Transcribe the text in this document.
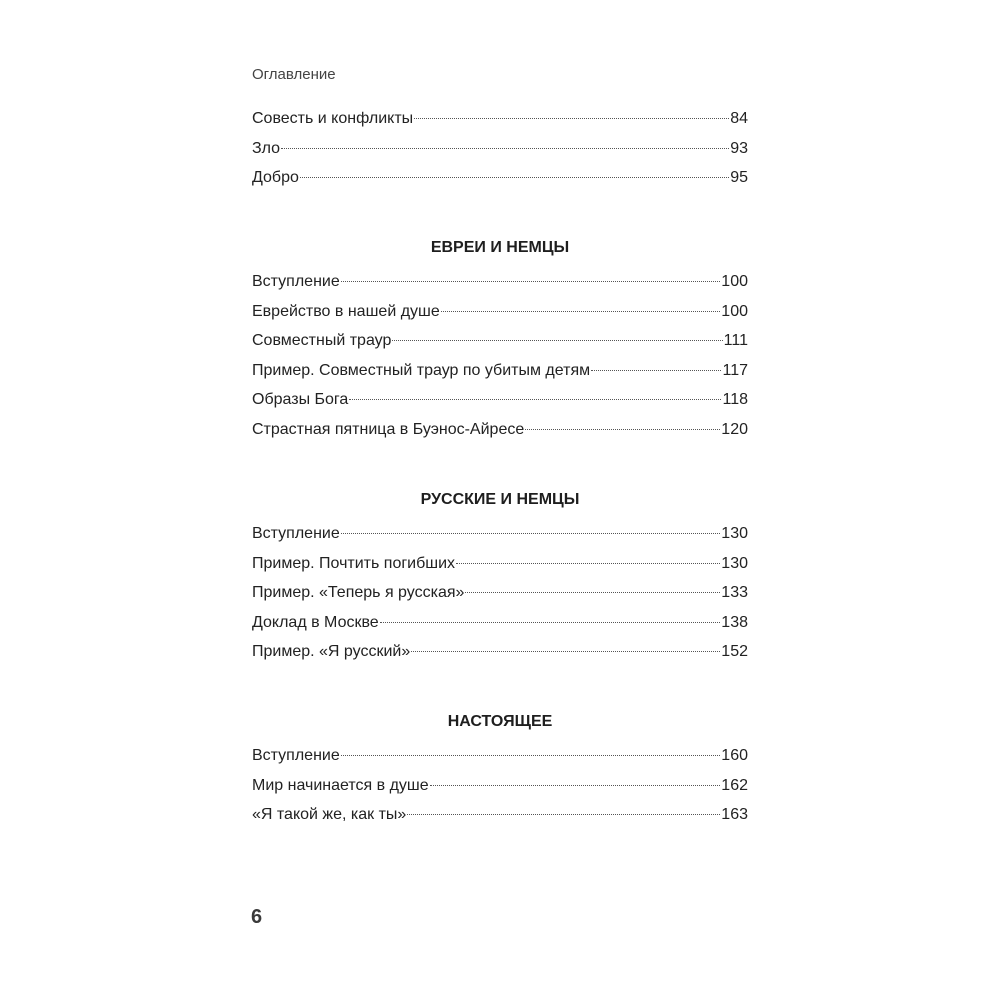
Оглавление

Совесть и конфликты	84
Зло	93
Добро	95
ЕВРЕИ И НЕМЦЫ
Вступление	100
Еврейство в нашей душе	100
Совместный траур	111
Пример. Совместный траур по убитым детям	117
Образы Бога	118
Страстная пятница в Буэнос-Айресе	120
РУССКИЕ И НЕМЦЫ
Вступление	130
Пример. Почтить погибших	130
Пример. «Теперь я русская»	133
Доклад в Москве	138
Пример. «Я русский»	152
НАСТОЯЩЕЕ
Вступление	160
Мир начинается в душе	162
«Я такой же, как ты»	163

6
